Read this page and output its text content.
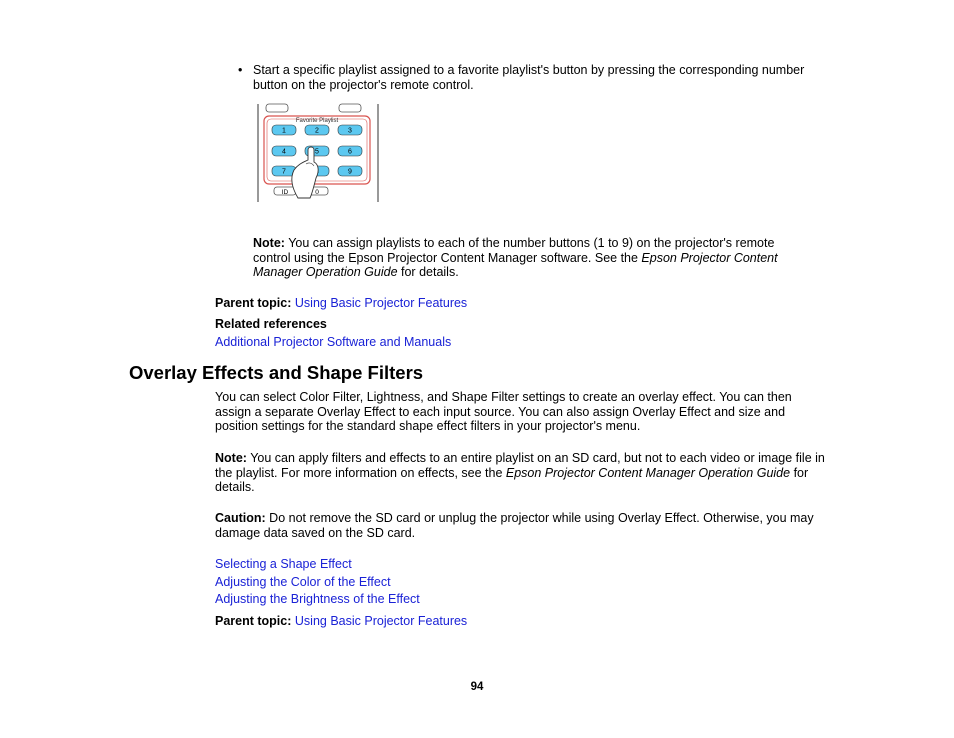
• Start a specific playlist assigned to a favorite playlist's button by pressing the corresponding number button on the projector's remote control.
Favorite Playlist
1	2	3
4	5	6
7	9
ID	0
Note: You can assign playlists to each of the number buttons (1 to 9) on the projector's remote control using the Epson Projector Content Manager software. See the Epson Projector Content Manager Operation Guide for details.
Parent topic: Using Basic Projector Features
Related references
Additional Projector Software and Manuals
Overlay Effects and Shape Filters
You can select Color Filter, Lightness, and Shape Filter settings to create an overlay effect. You can then assign a separate Overlay Effect to each input source. You can also assign Overlay Effect and size and position settings for the standard shape effect filters in your projector's menu.
Note: You can apply filters and effects to an entire playlist on an SD card, but not to each video or image file in the playlist. For more information on effects, see the Epson Projector Content Manager Operation Guide for details.
Caution: Do not remove the SD card or unplug the projector while using Overlay Effect. Otherwise, you may damage data saved on the SD card.
Selecting a Shape Effect
Adjusting the Color of the Effect
Adjusting the Brightness of the Effect
Parent topic: Using Basic Projector Features
94
